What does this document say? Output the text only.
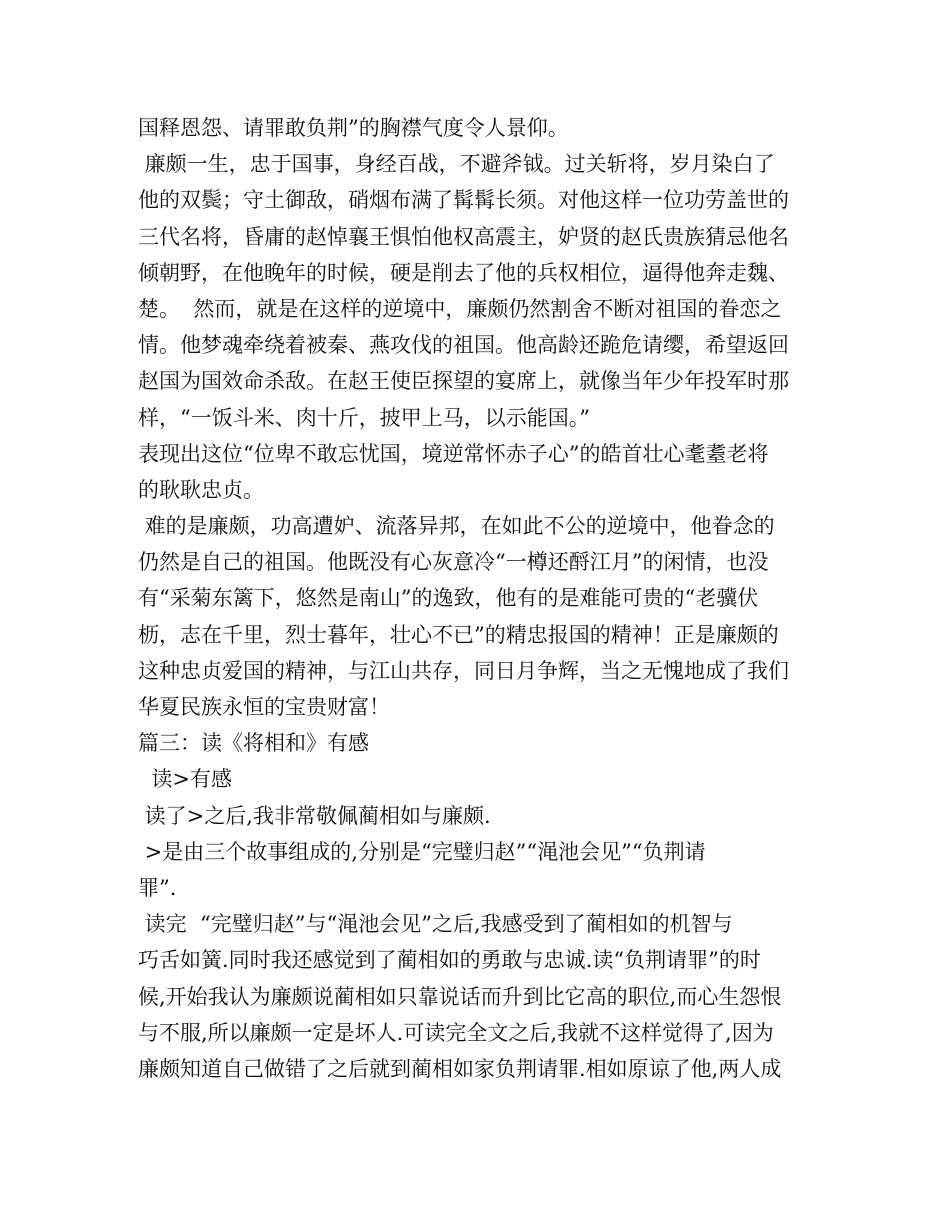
国释恩怨、请罪敢负荆”的胸襟气度令人景仰。
廉颇一生，忠于国事，身经百战，不避斧钺。过关斩将，岁月染白了
他的双鬓；守土御敌，硝烟布满了髯髯长须。对他这样一位功劳盖世的
三代名将，昏庸的赵悼襄王惧怕他权高震主，妒贤的赵氏贵族猜忌他名
倾朝野，在他晚年的时候，硬是削去了他的兵权相位，逼得他奔走魏、
楚。  然而，就是在这样的逆境中，廉颇仍然割舍不断对祖国的眷恋之
情。他梦魂牵绕着被秦、燕攻伐的祖国。他高龄还跪危请缨，希望返回
赵国为国效命杀敌。在赵王使臣探望的宴席上，就像当年少年投军时那
样，“一饭斗米、肉十斤，披甲上马，以示能国。”
表现出这位“位卑不敢忘忧国，境逆常怀赤子心”的皓首壮心耄耋老将
的耿耿忠贞。
难的是廉颇，功高遭妒、流落异邦，在如此不公的逆境中，他眷念的
仍然是自己的祖国。他既没有心灰意冷“一樽还酹江月”的闲情，也没
有“采菊东篱下，悠然是南山”的逸致，他有的是难能可贵的“老骥伏
枥，志在千里，烈士暮年，壮心不已”的精忠报国的精神！正是廉颇的
这种忠贞爱国的精神，与江山共存，同日月争辉，当之无愧地成了我们
华夏民族永恒的宝贵财富！
篇三：读《将相和》有感
读>有感
读了>之后,我非常敬佩蔺相如与廉颇.
>是由三个故事组成的,分别是“完璧归赵”“渑池会见”“负荆请
罪”.
读完  “完璧归赵”与“渑池会见”之后,我感受到了蔺相如的机智与
巧舌如簧.同时我还感觉到了蔺相如的勇敢与忠诚.读“负荆请罪”的时
候,开始我认为廉颇说蔺相如只靠说话而升到比它高的职位,而心生怨恨
与不服,所以廉颇一定是坏人.可读完全文之后,我就不这样觉得了,因为
廉颇知道自己做错了之后就到蔺相如家负荆请罪.相如原谅了他,两人成
